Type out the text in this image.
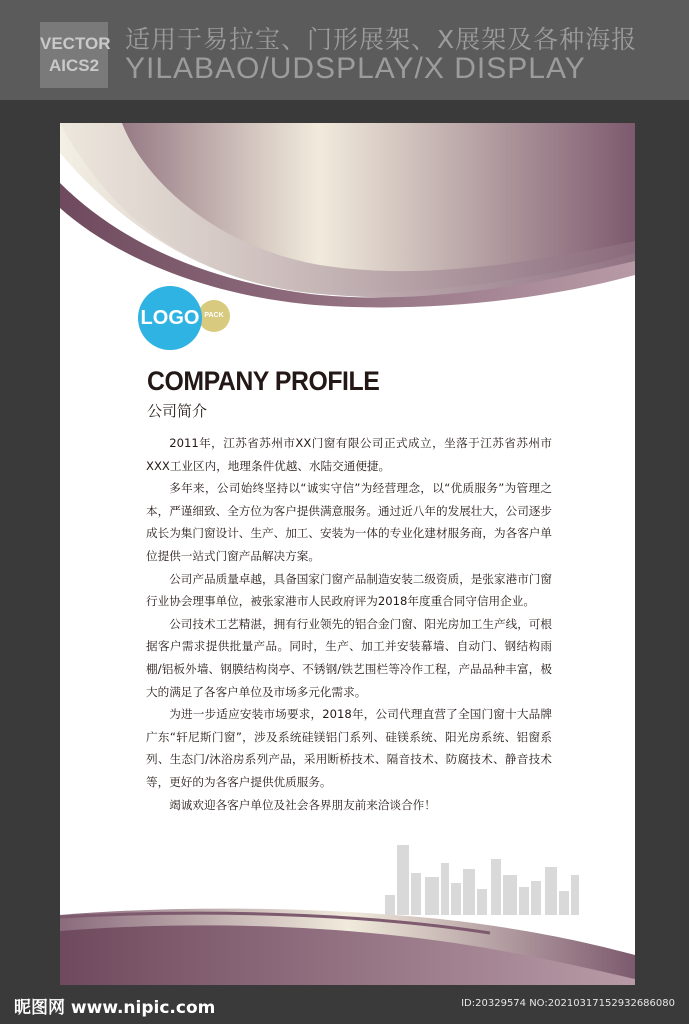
VECTOR
AICS2
适用于易拉宝、门形展架、X展架及各种海报
YILABAO/UDSPLAY/X DISPLAY
LOGO PACK
COMPANY PROFILE
公司简介

2011年，江苏省苏州市XX门窗有限公司正式成立，坐落于江苏省苏州市XXX工业区内，地理条件优越、水陆交通便捷。

多年来，公司始终坚持以“诚实守信”为经营理念，以“优质服务”为管理之本，严谨细致、全方位为客户提供满意服务。通过近八年的发展壮大，公司逐步成长为集门窗设计、生产、加工、安装为一体的专业化建材服务商，为各客户单位提供一站式门窗产品解决方案。

公司产品质量卓越，具备国家门窗产品制造安装二级资质，是张家港市门窗行业协会理事单位，被张家港市人民政府评为2018年度重合同守信用企业。

公司技术工艺精湛，拥有行业领先的铝合金门窗、阳光房加工生产线，可根据客户需求提供批量产品。同时，生产、加工并安装幕墙、自动门、钢结构雨棚/铝板外墙、钢膜结构岗亭、不锈钢/铁艺围栏等冷作工程，产品品种丰富，极大的满足了各客户单位及市场多元化需求。

为进一步适应安装市场要求，2018年，公司代理直营了全国门窗十大品牌广东“轩尼斯门窗”，涉及系统硅镁铝门系列、硅镁系统、阳光房系统、铝窗系列、生态门/沐浴房系列产品，采用断桥技术、隔音技术、防腐技术、静音技术等，更好的为各客户提供优质服务。

竭诚欢迎各客户单位及社会各界朋友前来洽谈合作！

昵图网 www.nipic.com	ID:20329574 NO:20210317152932686080
